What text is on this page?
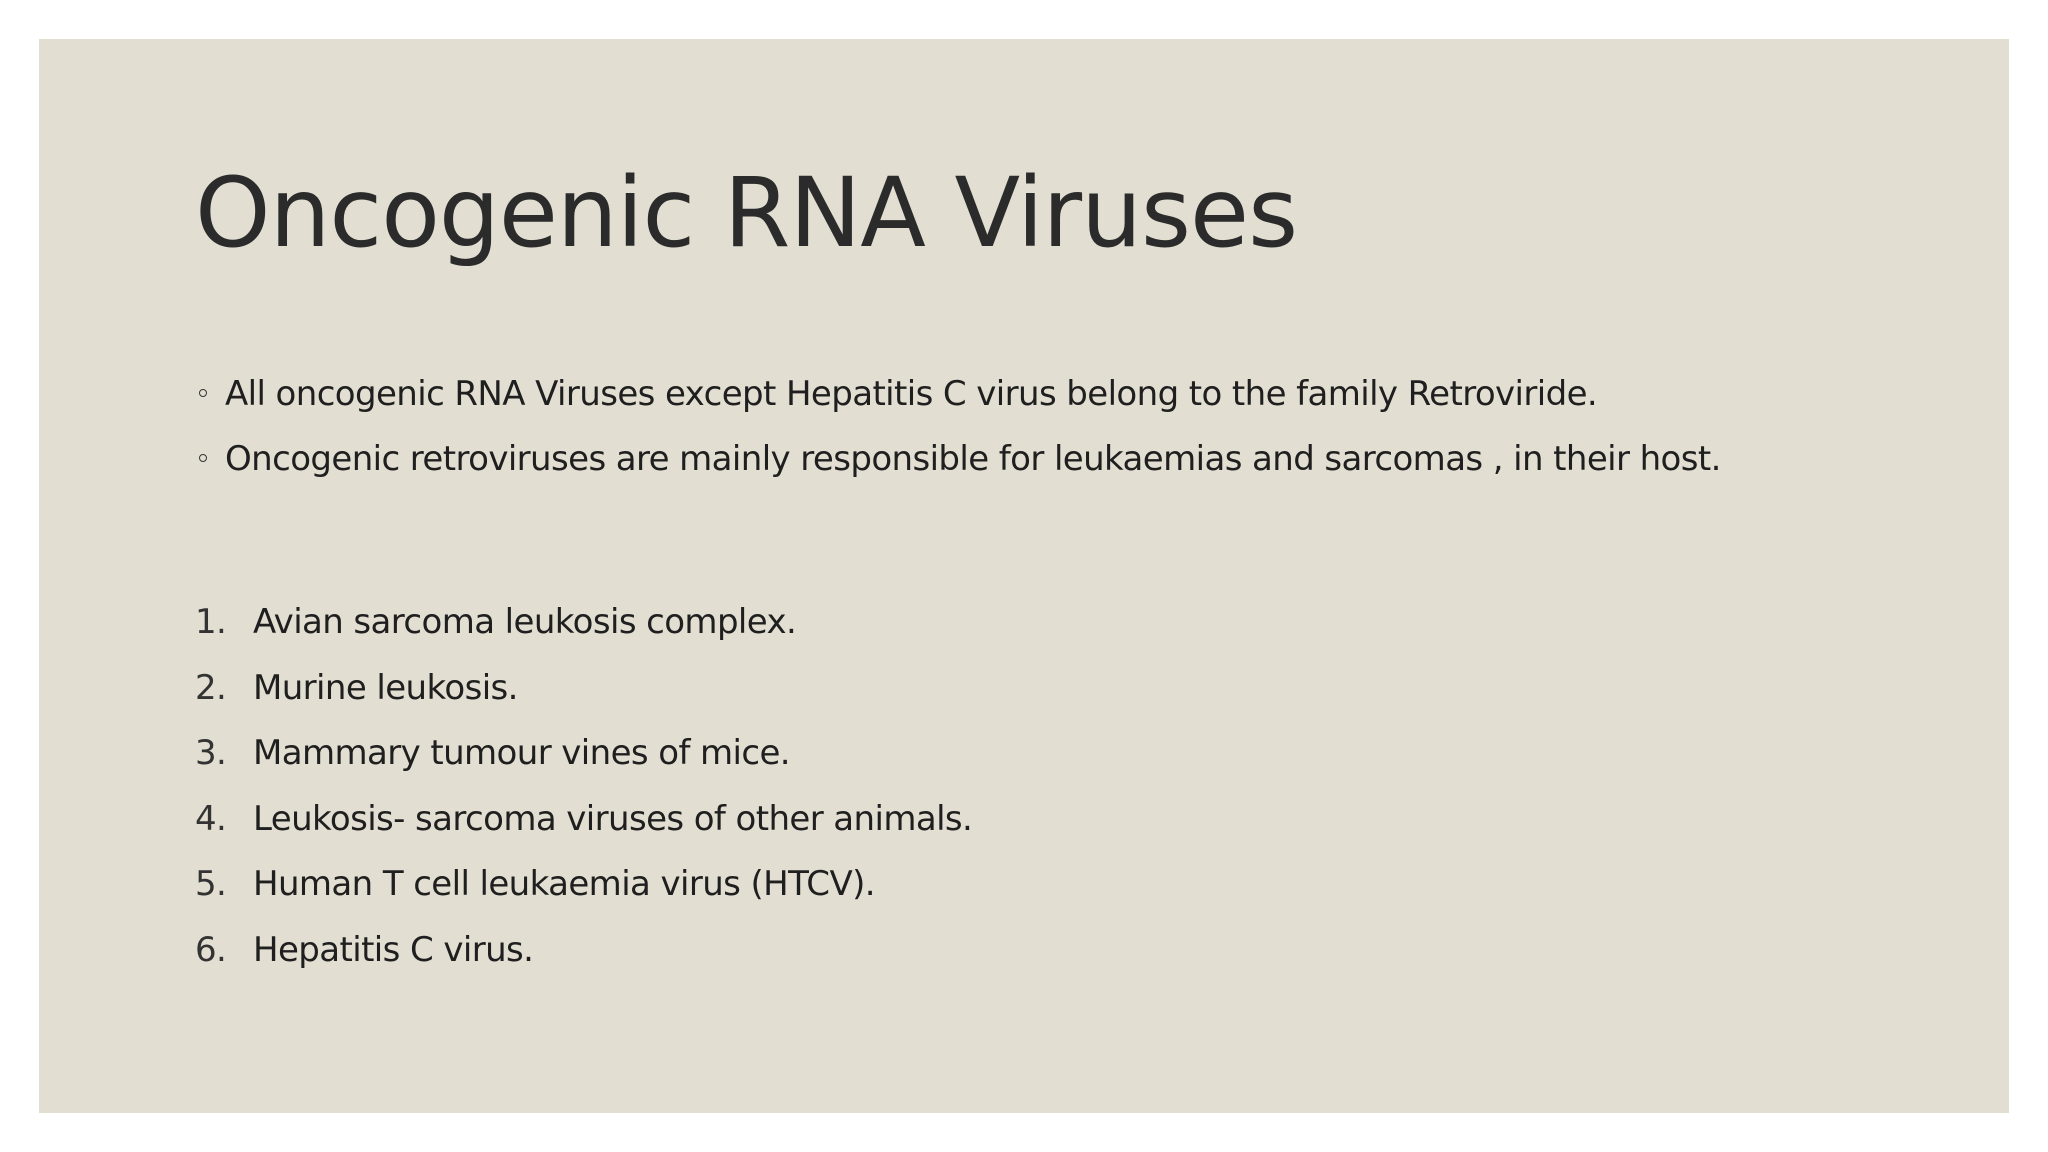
Oncogenic RNA Viruses
All oncogenic RNA Viruses except Hepatitis C virus belong to the family Retroviride.
Oncogenic retroviruses are mainly responsible for leukaemias and sarcomas , in their host.
1. Avian sarcoma leukosis complex.
2. Murine leukosis.
3. Mammary tumour vines of mice.
4. Leukosis- sarcoma viruses of other animals.
5. Human T cell leukaemia virus (HTCV).
6. Hepatitis C virus.
